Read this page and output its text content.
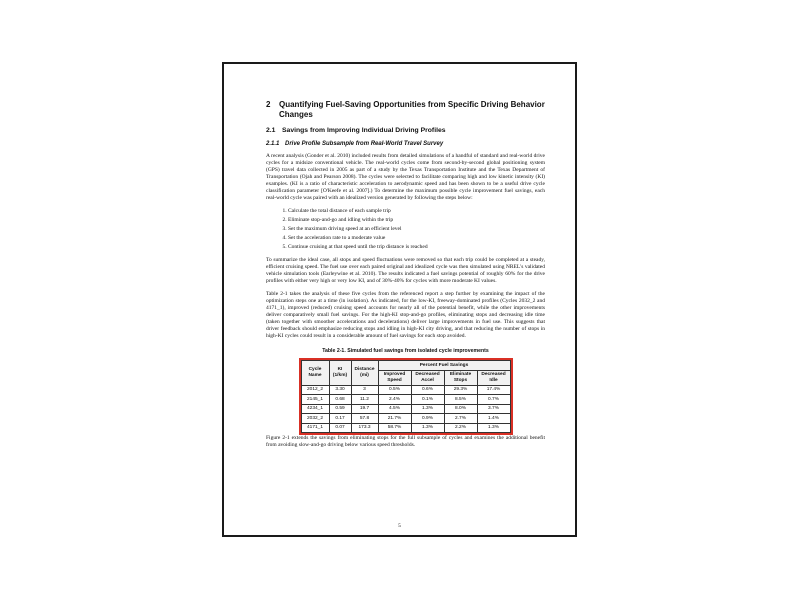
2	Quantifying Fuel-Saving Opportunities from Specific Driving Behavior Changes
2.1 Savings from Improving Individual Driving Profiles
2.1.1 Drive Profile Subsample from Real-World Travel Survey

A recent analysis (Gonder et al. 2010) included results from detailed simulations of a handful of standard and real-world drive cycles for a midsize conventional vehicle. The real-world cycles come from second-by-second global positioning system (GPS) travel data collected in 2005 as part of a study by the Texas Transportation Institute and the Texas Department of Transportation (Ojah and Pearson 2008). The cycles were selected to facilitate comparing high and low kinetic intensity (KI) examples. (KI is a ratio of characteristic acceleration to aerodynamic speed and has been shown to be a useful drive cycle classification parameter [O'Keefe et al. 2007].) To determine the maximum possible cycle improvement fuel savings, each real-world cycle was paired with an idealized version generated by following the steps below:

1. Calculate the total distance of each sample trip
2. Eliminate stop-and-go and idling within the trip
3. Set the maximum driving speed at an efficient level
4. Set the acceleration rate to a moderate value
5. Continue cruising at that speed until the trip distance is reached

To summarize the ideal case, all stops and speed fluctuations were removed so that each trip could be completed at a steady, efficient cruising speed. The fuel use over each paired original and idealized cycle was then simulated using NREL's validated vehicle simulation tools (Earleywine et al. 2010). The results indicated a fuel savings potential of roughly 60% for the drive profiles with either very high or very low KI, and of 30%-40% for cycles with more moderate KI values.

Table 2-1 takes the analysis of these five cycles from the referenced report a step further by examining the impact of the optimization steps one at a time (in isolation). As indicated, for the low-KI, freeway-dominated profiles (Cycles 2032_2 and 4171_1), improved (reduced) cruising speed accounts for nearly all of the potential benefit, while the other improvements deliver comparatively small fuel savings. For the high-KI stop-and-go profiles, eliminating stops and decreasing idle time (taken together with smoother accelerations and decelerations) deliver large improvements in fuel use. This suggests that driver feedback should emphasize reducing stops and idling in high-KI city driving, and that reducing the number of stops in high-KI cycles could result in a considerable amount of fuel savings for each stop avoided.

Table 2-1. Simulated fuel savings from isolated cycle improvements
Cycle Name	KI (1/km)	Distance (mi)	Percent Fuel Savings			
			Improved Speed	Decreased Accel	Eliminate Stops	Decreased Idle
2012_2	3.30	3	0.5%	0.6%	29.3%	17.4%
2145_1	0.68	11.2	2.4%	0.1%	8.5%	0.7%
4234_1	0.59	19.7	4.5%	1.3%	8.0%	3.7%
2032_2	0.17	57.8	21.7%	0.9%	2.7%	1.4%
4171_1	0.07	173.3	58.7%	1.3%	2.2%	1.3%

Figure 2-1 extends the savings from eliminating stops for the full subsample of cycles and examines the additional benefit from avoiding slow-and-go driving below various speed thresholds.

5
